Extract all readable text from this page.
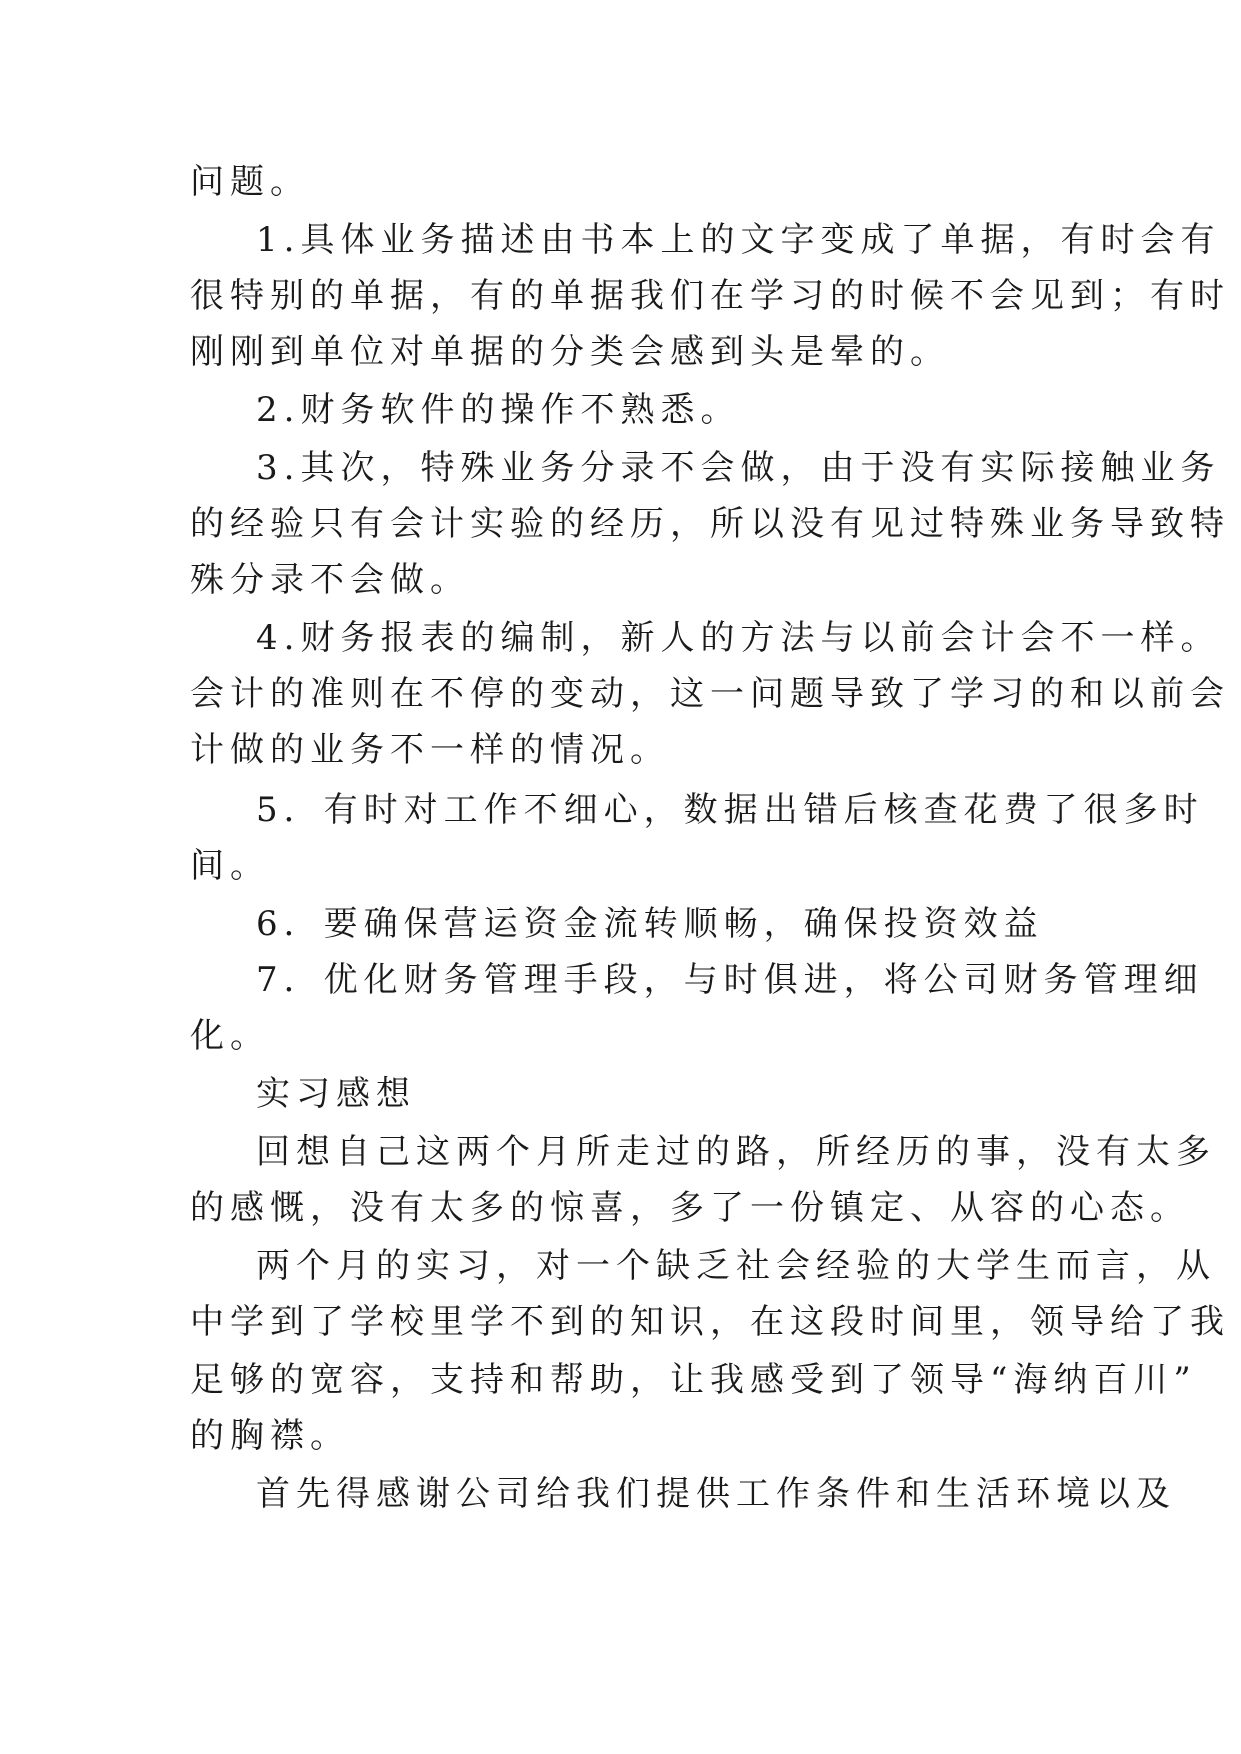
问题。
1.具体业务描述由书本上的文字变成了单据，有时会有
很特别的单据，有的单据我们在学习的时候不会见到；有时
刚刚到单位对单据的分类会感到头是晕的。
2.财务软件的操作不熟悉。
3.其次，特殊业务分录不会做，由于没有实际接触业务
的经验只有会计实验的经历，所以没有见过特殊业务导致特
殊分录不会做。
4.财务报表的编制，新人的方法与以前会计会不一样。
会计的准则在不停的变动，这一问题导致了学习的和以前会
计做的业务不一样的情况。
5．有时对工作不细心，数据出错后核查花费了很多时
间。
6．要确保营运资金流转顺畅，确保投资效益
7．优化财务管理手段，与时俱进，将公司财务管理细
化。
实习感想
回想自己这两个月所走过的路，所经历的事，没有太多
的感慨，没有太多的惊喜，多了一份镇定、从容的心态。
两个月的实习，对一个缺乏社会经验的大学生而言，从
中学到了学校里学不到的知识，在这段时间里，领导给了我
足够的宽容，支持和帮助，让我感受到了领导“海纳百川”
的胸襟。
首先得感谢公司给我们提供工作条件和生活环境以及
